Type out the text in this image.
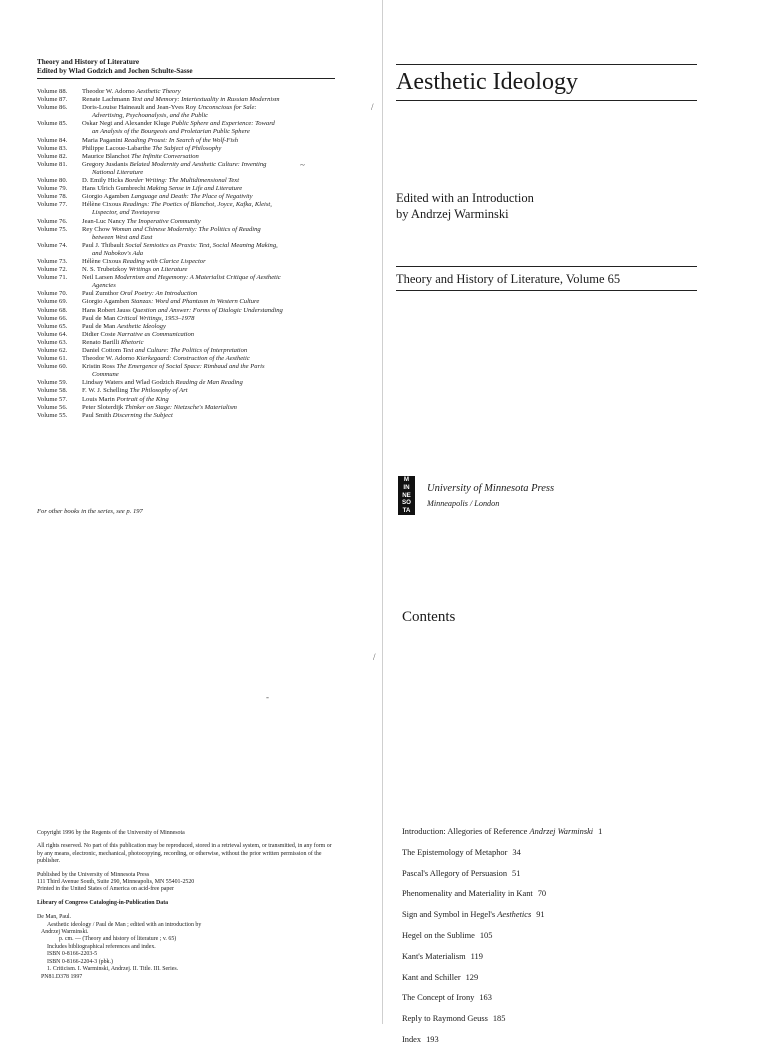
Theory and History of Literature
Edited by Wlad Godzich and Jochen Schulte-Sasse
Volume 88.	Theodor W. Adorno Aesthetic Theory
Volume 87.	Renate Lachmann Text and Memory: Intertextuality in Russian Modernism
Volume 86.	Doris-Louise Haineault and Jean-Yves Roy Unconscious for Sale:
Advertising, Psychoanalysis, and the Public
Volume 85.	Oskar Negt and Alexander Kluge Public Sphere and Experience: Toward
an Analysis of the Bourgeois and Proletarian Public Sphere
Volume 84.	Maria Paganini Reading Proust: In Search of the Wolf-Fish
Volume 83.	Philippe Lacoue-Labarthe The Subject of Philosophy
Volume 82.	Maurice Blanchot The Infinite Conversation
Volume 81.	Gregory Jusdanis Belated Modernity and Aesthetic Culture: Inventing
National Literature
Volume 80.	D. Emily Hicks Border Writing: The Multidimensional Text
Volume 79.	Hans Ulrich Gumbrecht Making Sense in Life and Literature
Volume 78.	Giorgio Agamben Language and Death: The Place of Negativity
Volume 77.	Hélène Cixous Readings: The Poetics of Blanchot, Joyce, Kafka, Kleist,
Lispector, and Tsvetayeva
Volume 76.	Jean-Luc Nancy The Inoperative Community
Volume 75.	Rey Chow Woman and Chinese Modernity: The Politics of Reading
between West and East
Volume 74.	Paul J. Thibault Social Semiotics as Praxis: Text, Social Meaning Making,
and Nabokov's Ada
Volume 73.	Hélène Cixous Reading with Clarice Lispector
Volume 72.	N. S. Trubetzkoy Writings on Literature
Volume 71.	Neil Larsen Modernism and Hegemony: A Materialist Critique of Aesthetic
Agencies
Volume 70.	Paul Zumthor Oral Poetry: An Introduction
Volume 69.	Giorgio Agamben Stanzas: Word and Phantasm in Western Culture
Volume 68.	Hans Robert Jauss Question and Answer: Forms of Dialogic Understanding
Volume 66.	Paul de Man Critical Writings, 1953–1978
Volume 65.	Paul de Man Aesthetic Ideology
Volume 64.	Didier Coste Narrative as Communication
Volume 63.	Renato Barilli Rhetoric
Volume 62.	Daniel Cottom Text and Culture: The Politics of Interpretation
Volume 61.	Theodor W. Adorno Kierkegaard: Construction of the Aesthetic
Volume 60.	Kristin Ross The Emergence of Social Space: Rimbaud and the Paris
Commune
Volume 59.	Lindsay Waters and Wlad Godzich Reading de Man Reading
Volume 58.	F. W. J. Schelling The Philosophy of Art
Volume 57.	Louis Marin Portrait of the King
Volume 56.	Peter Sloterdijk Thinker on Stage: Nietzsche's Materialism
Volume 55.	Paul Smith Discerning the Subject
For other books in the series, see p. 197

Copyright 1996 by the Regents of the University of Minnesota

All rights reserved. No part of this publication may be reproduced, stored in a retrieval system, or transmitted, in any form or by any means, electronic, mechanical, photocopying, recording, or otherwise, without the prior written permission of the publisher.

Published by the University of Minnesota Press
111 Third Avenue South, Suite 290, Minneapolis, MN 55401-2520
Printed in the United States of America on acid-free paper

Library of Congress Cataloging-in-Publication Data
De Man, Paul.
Aesthetic ideology / Paul de Man ; edited with an introduction by
Andrzej Warminski.
p. cm. — (Theory and history of literature ; v. 65)
Includes bibliographical references and index.
ISBN 0-8166-2203-5
ISBN 0-8166-2204-3 (pbk.)
1. Criticism. I. Warminski, Andrzej. II. Title. III. Series.
PN81.D378 1997
Aesthetic Ideology
Edited with an Introduction
by Andrzej Warminski
Theory and History of Literature, Volume 65
M
IN
NE
SO
TA
University of Minnesota Press
Minneapolis / London
Contents
Introduction: Allegories of Reference Andrzej Warminski 1
The Epistemology of Metaphor 34
Pascal's Allegory of Persuasion 51
Phenomenality and Materiality in Kant 70
Sign and Symbol in Hegel's Aesthetics 91
Hegel on the Sublime 105
Kant's Materialism 119
Kant and Schiller 129
The Concept of Irony 163
Reply to Raymond Geuss 185
Index 193
/
~
/
-
